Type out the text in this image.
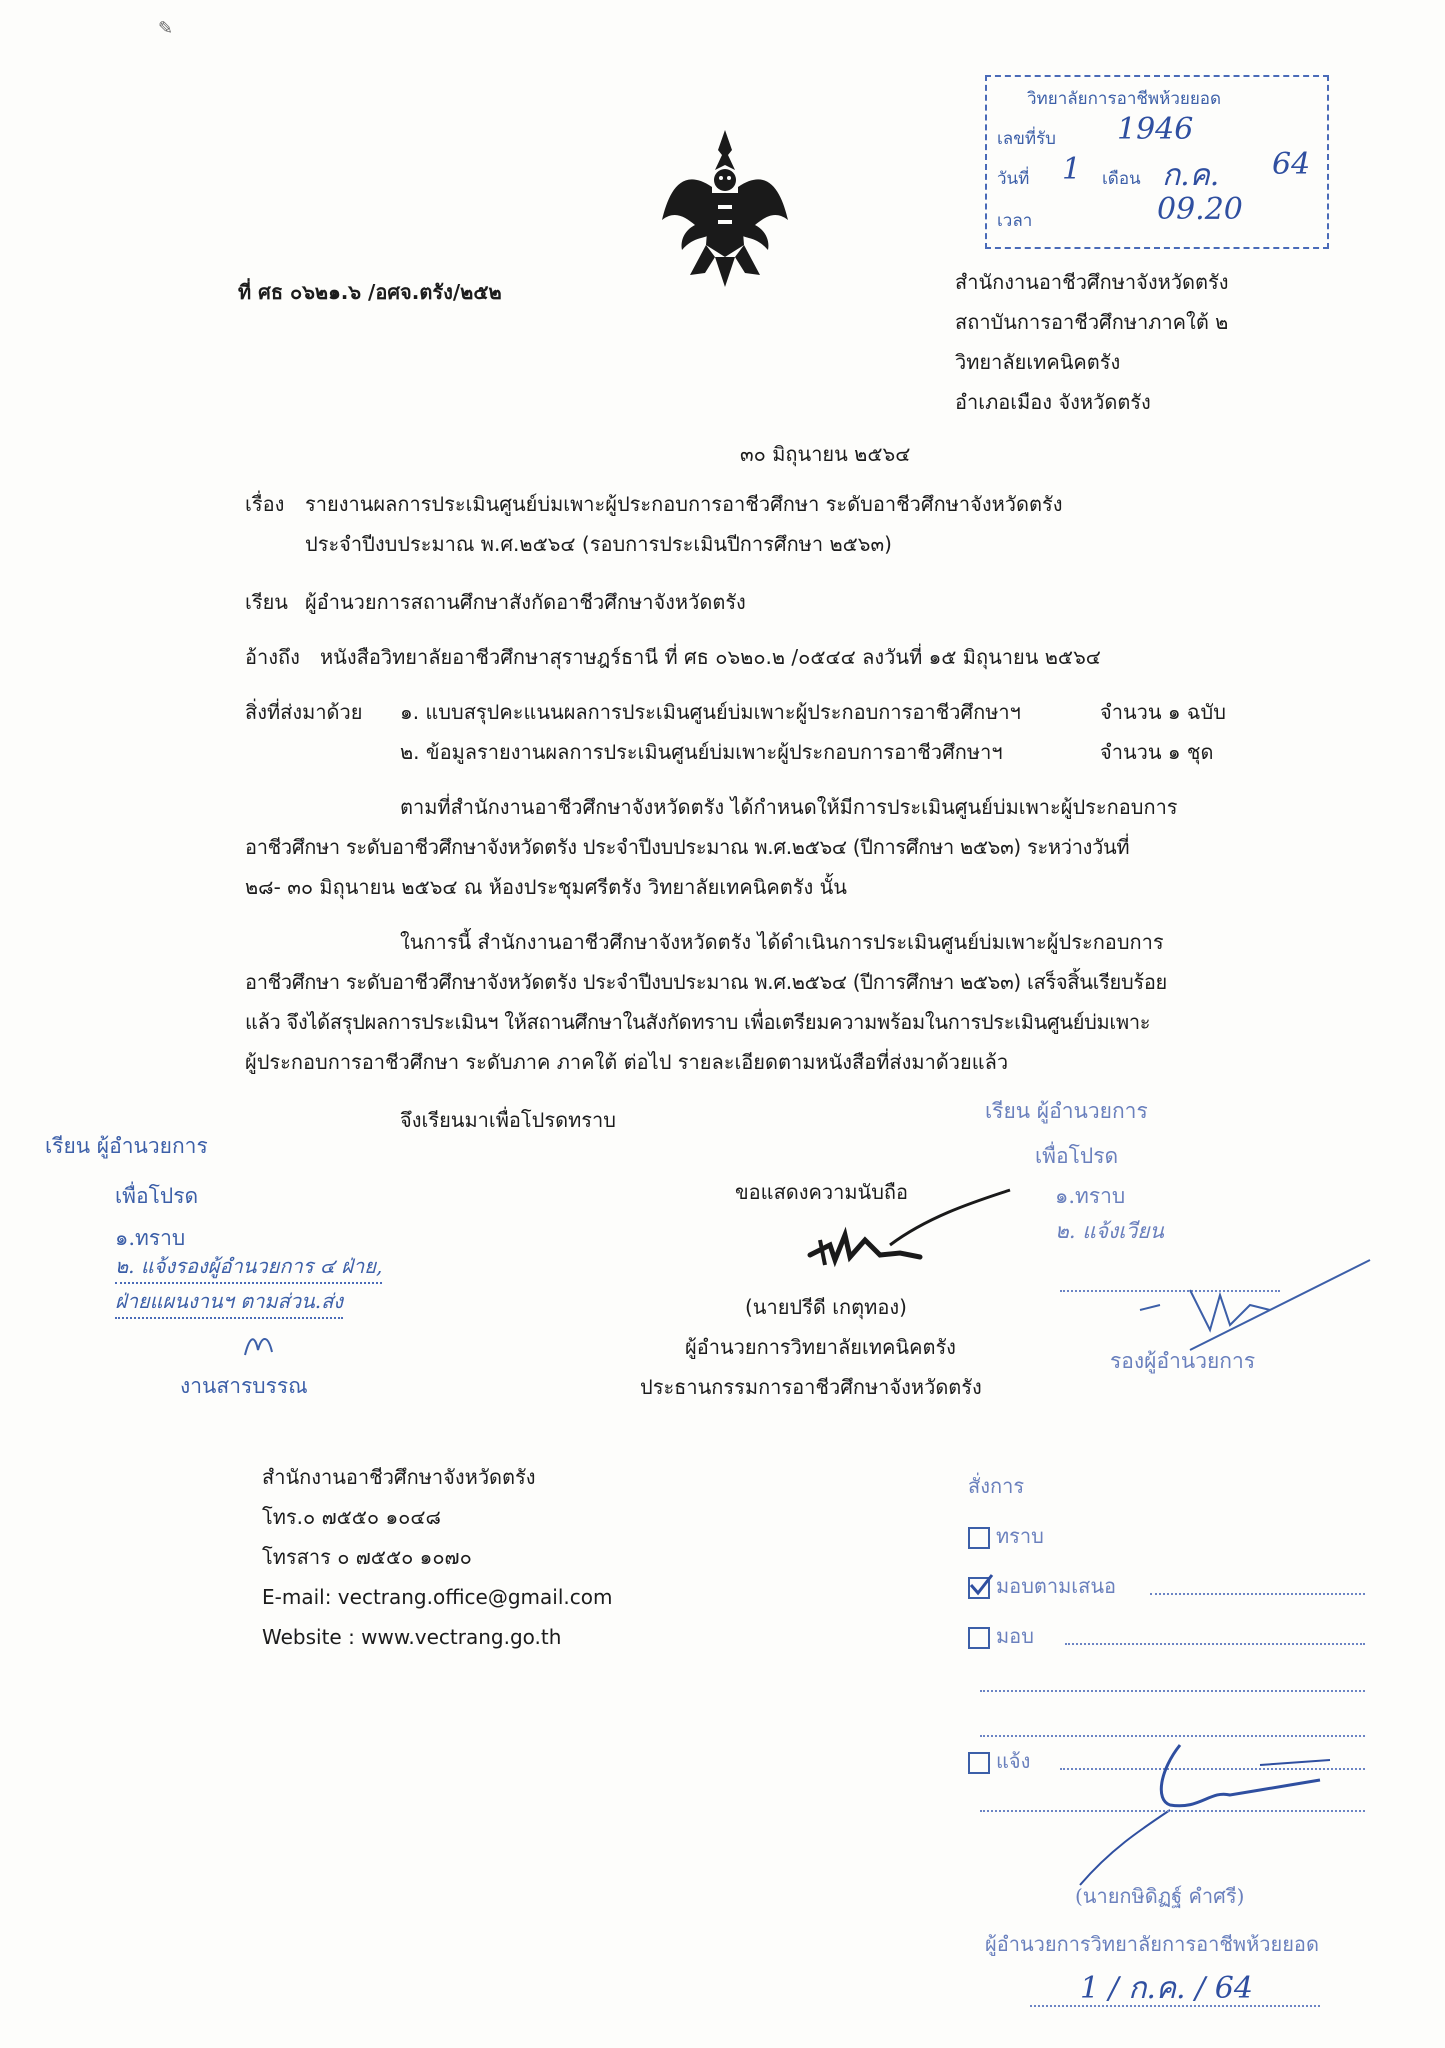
วิทยาลัยการอาชีพห้วยยอด
เลขที่รับ 1946
วันที่ 1 เดือน ก.ค. 64
เวลา	09.20
ที่ ศธ ๐๖๒๑.๖ /อศจ.ตรัง/๒๕๒	สำนักงานอาชีวศึกษาจังหวัดตรัง
สถาบันการอาชีวศึกษาภาคใต้ ๒
วิทยาลัยเทคนิคตรัง
อำเภอเมือง จังหวัดตรัง
๓๐ มิถุนายน ๒๕๖๔
เรื่อง รายงานผลการประเมินศูนย์บ่มเพาะผู้ประกอบการอาชีวศึกษา ระดับอาชีวศึกษาจังหวัดตรัง
ประจำปีงบประมาณ พ.ศ.๒๕๖๔ (รอบการประเมินปีการศึกษา ๒๕๖๓)
เรียน ผู้อำนวยการสถานศึกษาสังกัดอาชีวศึกษาจังหวัดตรัง
อ้างถึง หนังสือวิทยาลัยอาชีวศึกษาสุราษฎร์ธานี ที่ ศธ ๐๖๒๐.๒ /๐๕๔๔ ลงวันที่ ๑๕ มิถุนายน ๒๕๖๔
สิ่งที่ส่งมาด้วย ๑. แบบสรุปคะแนนผลการประเมินศูนย์บ่มเพาะผู้ประกอบการอาชีวศึกษาฯ	จำนวน ๑ ฉบับ
๒. ข้อมูลรายงานผลการประเมินศูนย์บ่มเพาะผู้ประกอบการอาชีวศึกษาฯ	จำนวน ๑ ชุด
ตามที่สำนักงานอาชีวศึกษาจังหวัดตรัง ได้กำหนดให้มีการประเมินศูนย์บ่มเพาะผู้ประกอบการ
อาชีวศึกษา ระดับอาชีวศึกษาจังหวัดตรัง ประจำปีงบประมาณ พ.ศ.๒๕๖๔ (ปีการศึกษา ๒๕๖๓) ระหว่างวันที่
๒๘- ๓๐ มิถุนายน ๒๕๖๔ ณ ห้องประชุมศรีตรัง วิทยาลัยเทคนิคตรัง นั้น
ในการนี้ สำนักงานอาชีวศึกษาจังหวัดตรัง ได้ดำเนินการประเมินศูนย์บ่มเพาะผู้ประกอบการ
อาชีวศึกษา ระดับอาชีวศึกษาจังหวัดตรัง ประจำปีงบประมาณ พ.ศ.๒๕๖๔ (ปีการศึกษา ๒๕๖๓) เสร็จสิ้นเรียบร้อย
แล้ว จึงได้สรุปผลการประเมินฯ ให้สถานศึกษาในสังกัดทราบ เพื่อเตรียมความพร้อมในการประเมินศูนย์บ่มเพาะ
ผู้ประกอบการอาชีวศึกษา ระดับภาค ภาคใต้ ต่อไป รายละเอียดตามหนังสือที่ส่งมาด้วยแล้ว
จึงเรียนมาเพื่อโปรดทราบ
ขอแสดงความนับถือ
(นายปรีดี เกตุทอง)
ผู้อำนวยการวิทยาลัยเทคนิคตรัง
ประธานกรรมการอาชีวศึกษาจังหวัดตรัง
สำนักงานอาชีวศึกษาจังหวัดตรัง
โทร.๐ ๗๕๕๐ ๑๐๔๘
โทรสาร ๐ ๗๕๕๐ ๑๐๗๐
E-mail: vectrang.office@gmail.com
Website : www.vectrang.go.th
เรียน ผู้อำนวยการ
เพื่อโปรด
๑.ทราบ
๒. แจ้งรองผู้อำนวยการ ๔ ฝ่าย,
ฝ่ายแผนงานฯ ตามส่วน.ส่ง
งานสารบรรณ
เรียน ผู้อำนวยการ
เพื่อโปรด
๑.ทราบ
๒. แจ้งเวียน
รองผู้อำนวยการ
สั่งการ
ทราบ
มอบตามเสนอ
มอบ
แจ้ง
(นายกษิดิฏฐ์ คำศรี)
ผู้อำนวยการวิทยาลัยการอาชีพห้วยยอด
1 / ก.ค. / 64
✎
